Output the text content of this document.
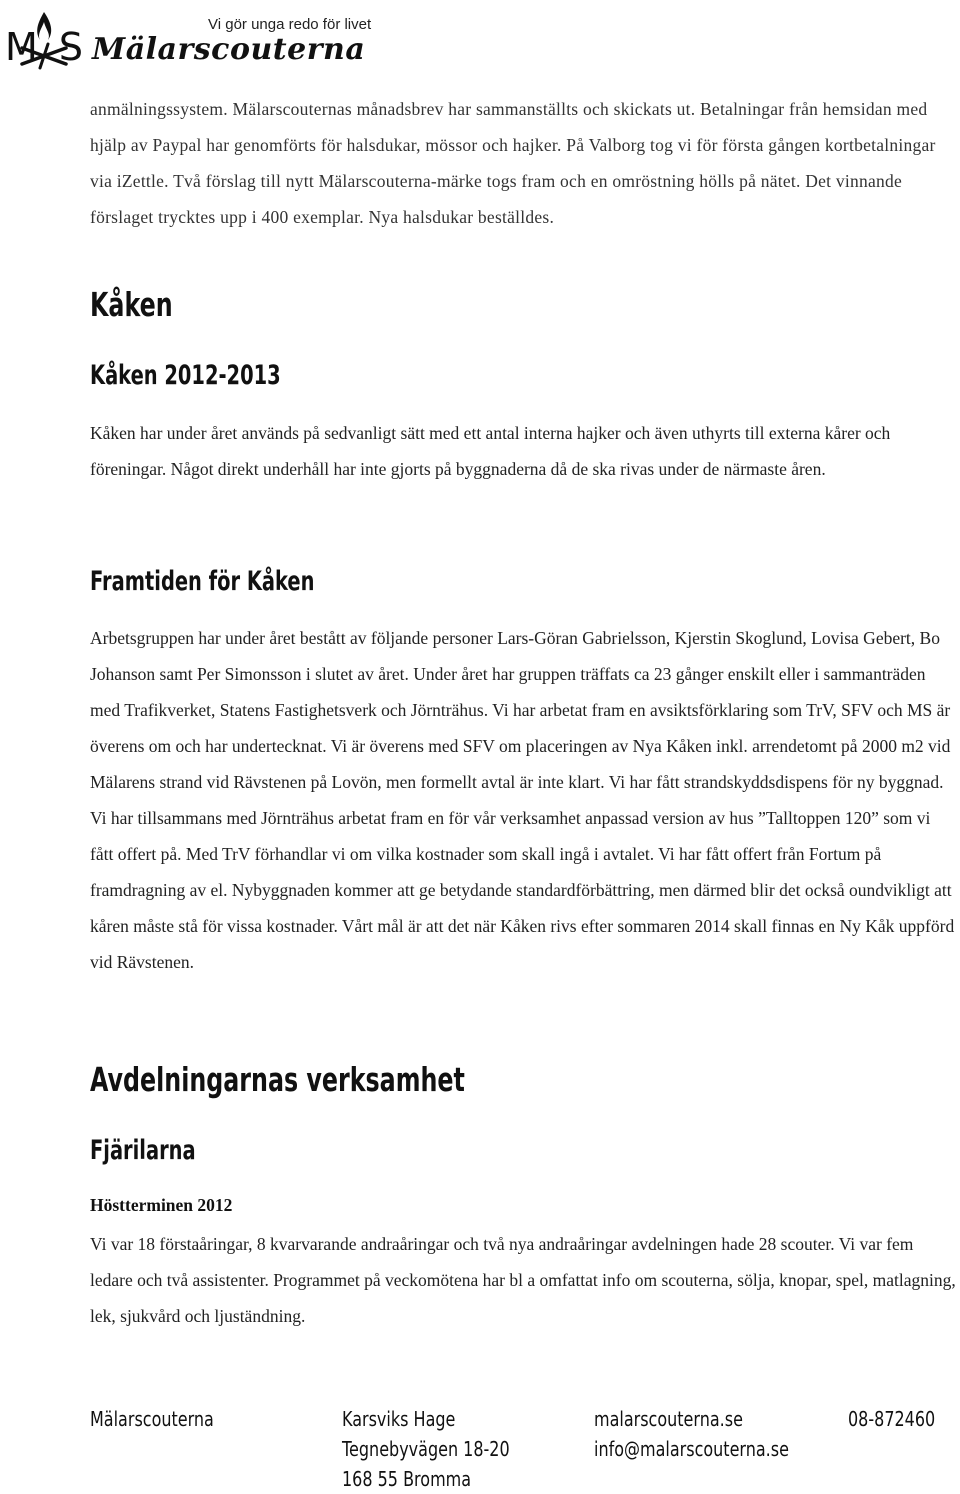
MS
Vi gör unga redo för livet
Mälarscouterna

anmälningssystem. Mälarscouternas månadsbrev har sammanställts och skickats ut. Betalningar från hemsidan med hjälp av Paypal har genomförts för halsdukar, mössor och hajker. På Valborg tog vi för första gången kortbetalningar via iZettle. Två förslag till nytt Mälarscouterna-märke togs fram och en omröstning hölls på nätet. Det vinnande förslaget trycktes upp i 400 exemplar. Nya halsdukar beställdes.

Kåken
Kåken 2012-2013

Kåken har under året används på sedvanligt sätt med ett antal interna hajker och även uthyrts till externa kårer och föreningar. Något direkt underhåll har inte gjorts på byggnaderna då de ska rivas under de närmaste åren.

Framtiden för Kåken

Arbetsgruppen har under året bestått av följande personer Lars-Göran Gabrielsson, Kjerstin Skoglund, Lovisa Gebert, Bo Johanson samt Per Simonsson i slutet av året. Under året har gruppen träffats ca 23 gånger enskilt eller i sammanträden med Trafikverket, Statens Fastighetsverk och Jörnträhus. Vi har arbetat fram en avsiktsförklaring som TrV, SFV och MS är överens om och har undertecknat. Vi är överens med SFV om placeringen av Nya Kåken inkl. arrendetomt på 2000 m2 vid Mälarens strand vid Rävstenen på Lovön, men formellt avtal är inte klart. Vi har fått strandskyddsdispens för ny byggnad. Vi har tillsammans med Jörnträhus arbetat fram en för vår verksamhet anpassad version av hus ”Talltoppen 120” som vi fått offert på. Med TrV förhandlar vi om vilka kostnader som skall ingå i avtalet. Vi har fått offert från Fortum på framdragning av el. Nybyggnaden kommer att ge betydande standardförbättring, men därmed blir det också oundvikligt att kåren måste stå för vissa kostnader. Vårt mål är att det när Kåken rivs efter sommaren 2014 skall finnas en Ny Kåk uppförd vid Rävstenen.

Avdelningarnas verksamhet
Fjärilarna

Höstterminen 2012

Vi var 18 förstaåringar, 8 kvarvarande andraåringar och två nya andraåringar avdelningen hade 28 scouter. Vi var fem ledare och två assistenter. Programmet på veckomötena har bl a omfattat info om scouterna, sölja, knopar, spel, matlagning, lek, sjukvård och ljuständning.

Mälarscouterna	Karsviks Hage
Tegnebyvägen 18-20
168 55 Bromma
malarscouterna.se
info@malarscouterna.se
08-872460
